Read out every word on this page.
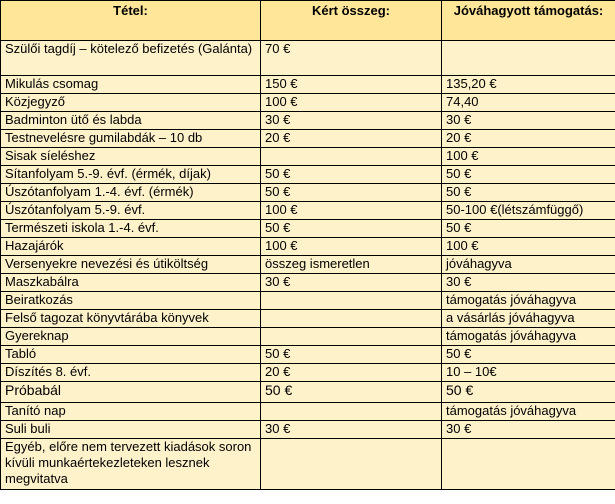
Tétel:	Kért összeg:	Jóváhagyott támogatás:
Szülői tagdíj – kötelező befizetés (Galánta)	70 €	
Mikulás csomag	150 €	135,20 €
Közjegyző	100 €	74,40
Badminton ütő és labda	30 €	30 €
Testnevelésre gumilabdák – 10 db	20 €	20 €
Sisak síeléshez		100 €
Sítanfolyam 5.-9. évf. (érmék, díjak)	50 €	50 €
Úszótanfolyam 1.-4. évf. (érmék)	50 €	50 €
Úszótanfolyam 5.-9. évf.	100 €	50-100 €(létszámfüggő)
Természeti iskola 1.-4. évf.	50 €	50 €
Hazajárók	100 €	100 €
Versenyekre nevezési és útiköltség	összeg ismeretlen	jóváhagyva
Maszkabálra	30 €	30 €
Beiratkozás		támogatás jóváhagyva
Felső tagozat könyvtárába könyvek		a vásárlás jóváhagyva
Gyereknap		támogatás jóváhagyva
Tabló	50 €	50 €
Díszítés 8. évf.	20 €	10 – 10€
Próbabál	50 €	50 €
Tanító nap		támogatás jóváhagyva
Suli buli	30 €	30 €
Egyéb, előre nem tervezett kiadások soron kívüli munkaértekezleteken lesznek megvitatva		
